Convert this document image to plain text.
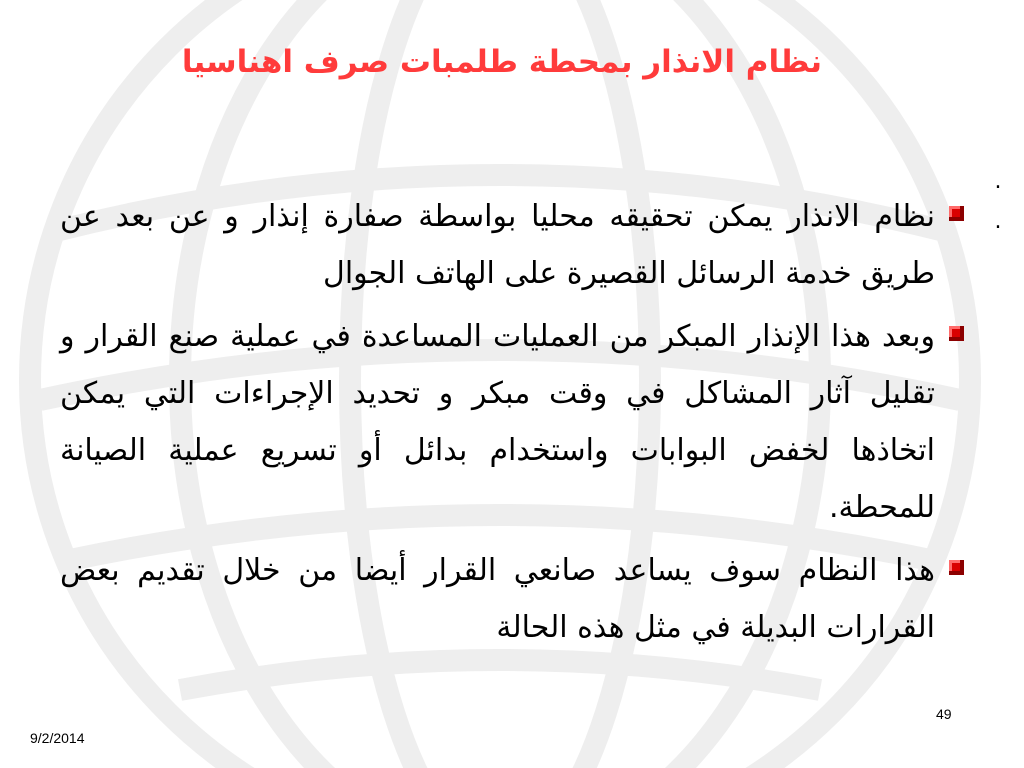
نظام الانذار بمحطة طلمبات صرف اهناسيا
.
.
نظام الانذار يمكن تحقيقه محليا بواسطة صفارة إنذار و عن بعد عن طريق خدمة الرسائل القصيرة على الهاتف الجوال
وبعد هذا الإنذار المبكر من العمليات المساعدة في عملية صنع القرار و تقليل آثار المشاكل في وقت مبكر و تحديد الإجراءات التي يمكن اتخاذها لخفض البوابات واستخدام بدائل أو تسريع عملية الصيانة للمحطة.
هذا النظام سوف يساعد صانعي القرار أيضا من خلال تقديم بعض القرارات البديلة في مثل هذه الحالة
49
9/2/2014
